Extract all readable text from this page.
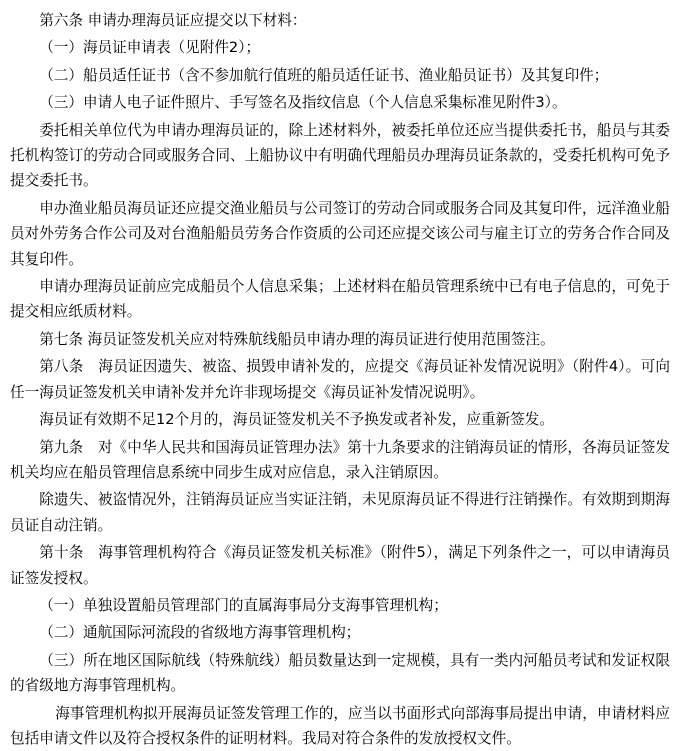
第六条 申请办理海员证应提交以下材料：

（一）海员证申请表（见附件2）；

（二）船员适任证书（含不参加航行值班的船员适任证书、渔业船员证书）及其复印件；

（三）申请人电子证件照片、手写签名及指纹信息（个人信息采集标准见附件3）。

委托相关单位代为申请办理海员证的，除上述材料外，被委托单位还应当提供委托书，船员与其委托机构签订的劳动合同或服务合同、上船协议中有明确代理船员办理海员证条款的，受委托机构可免予提交委托书。

申办渔业船员海员证还应提交渔业船员与公司签订的劳动合同或服务合同及其复印件，远洋渔业船员对外劳务合作公司及对台渔船船员劳务合作资质的公司还应提交该公司与雇主订立的劳务合作合同及其复印件。

申请办理海员证前应完成船员个人信息采集；上述材料在船员管理系统中已有电子信息的，可免于提交相应纸质材料。

第七条 海员证签发机关应对特殊航线船员申请办理的海员证进行使用范围签注。

第八条　海员证因遗失、被盗、损毁申请补发的，应提交《海员证补发情况说明》（附件4）。可向任一海员证签发机关申请补发并允许非现场提交《海员证补发情况说明》。

海员证有效期不足12个月的，海员证签发机关不予换发或者补发，应重新签发。

第九条　对《中华人民共和国海员证管理办法》第十九条要求的注销海员证的情形，各海员证签发机关均应在船员管理信息系统中同步生成对应信息，录入注销原因。

除遗失、被盗情况外，注销海员证应当实证注销，未见原海员证不得进行注销操作。有效期到期海员证自动注销。

第十条　海事管理机构符合《海员证签发机关标准》（附件5），满足下列条件之一，可以申请海员证签发授权。

（一）单独设置船员管理部门的直属海事局分支海事管理机构；

（二）通航国际河流段的省级地方海事管理机构；

（三）所在地区国际航线（特殊航线）船员数量达到一定规模，具有一类内河船员考试和发证权限的省级地方海事管理机构。

　海事管理机构拟开展海员证签发管理工作的，应当以书面形式向部海事局提出申请，申请材料应包括申请文件以及符合授权条件的证明材料。我局对符合条件的发放授权文件。
